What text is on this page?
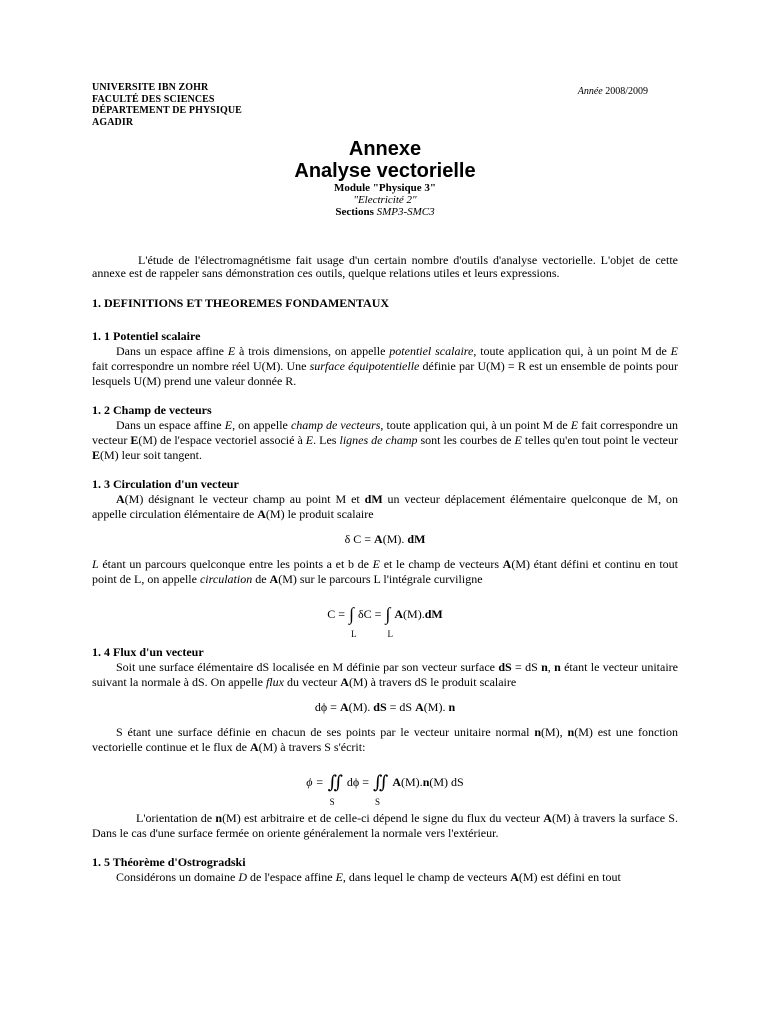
UNIVERSITE IBN ZOHR
FACULTÉ DES SCIENCES
DÉPARTEMENT DE PHYSIQUE
AGADIR
Année 2008/2009
Annexe
Analyse vectorielle
Module "Physique 3"
"Electricité 2"
Sections SMP3-SMC3

L'étude de l'électromagnétisme fait usage d'un certain nombre d'outils d'analyse vectorielle. L'objet de cette annexe est de rappeler sans démonstration ces outils, quelque relations utiles et leurs expressions.

1. DEFINITIONS ET THEOREMES FONDAMENTAUX
1. 1 Potentiel scalaire

Dans un espace affine E à trois dimensions, on appelle potentiel scalaire, toute application qui, à un point M de E fait correspondre un nombre réel U(M). Une surface équipotentielle définie par U(M) = R est un ensemble de points pour lesquels U(M) prend une valeur donnée R.

1. 2 Champ de vecteurs

Dans un espace affine E, on appelle champ de vecteurs, toute application qui, à un point M de E fait correspondre un vecteur E(M) de l'espace vectoriel associé à E. Les lignes de champ sont les courbes de E telles qu'en tout point le vecteur E(M) leur soit tangent.

1. 3 Circulation d'un vecteur

A(M) désignant le vecteur champ au point M et dM un vecteur déplacement élémentaire quelconque de M, on appelle circulation élémentaire de A(M) le produit scalaire

δ C = A(M). dM

L étant un parcours quelconque entre les points a et b de E et le champ de vecteurs A(M) étant défini et continu en tout point de L, on appelle circulation de A(M) sur le parcours L l'intégrale curviligne

C = ∫
L
δC = ∫
L
A(M).dM
1. 4 Flux d'un vecteur

Soit une surface élémentaire dS localisée en M définie par son vecteur surface dS = dS n, n étant le vecteur unitaire suivant la normale à dS. On appelle flux du vecteur A(M) à travers dS le produit scalaire

dϕ = A(M). dS = dS A(M). n

S étant une surface définie en chacun de ses points par le vecteur unitaire normal n(M), n(M) est une fonction vectorielle continue et le flux de A(M) à travers S s'écrit:

ϕ = ∬
S
dϕ = ∬
S
A(M).n(M) dS

L'orientation de n(M) est arbitraire et de celle-ci dépend le signe du flux du vecteur A(M) à travers la surface S. Dans le cas d'une surface fermée on oriente généralement la normale vers l'extérieur.

1. 5 Théorème d'Ostrogradski

Considérons un domaine D de l'espace affine E, dans lequel le champ de vecteurs A(M) est défini en tout
